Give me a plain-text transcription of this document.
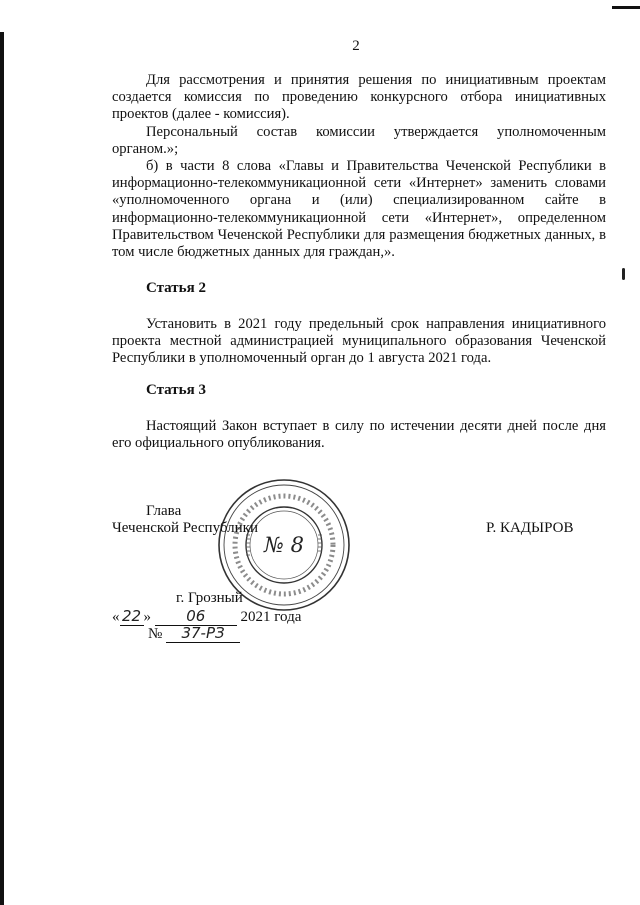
2

Для рассмотрения и принятия решения по инициативным проектам создается комиссия по проведению конкурсного отбора инициативных проектов (далее - комиссия).

Персональный состав комиссии утверждается уполномоченным органом.»;

б) в части 8 слова «Главы и Правительства Чеченской Республики в информационно-телекоммуникационной сети «Интернет» заменить словами «уполномоченного органа и (или) специализированном сайте в информационно-телекоммуникационной сети «Интернет», определенном Правительством Чеченской Республики для размещения бюджетных данных, в том числе бюджетных данных для граждан,».

Статья 2

Установить в 2021 году предельный срок направления инициативного проекта местной администрацией муниципального образования Чеченской Республики в уполномоченный орган до 1 августа 2021 года.

Статья 3

Настоящий Закон вступает в силу по истечении десяти дней после дня его официального опубликования.

№ 8
Глава
Чеченской Республики	Р. КАДЫРОВ
г. Грозный
« 22 » 06 2021 года
№ 37-РЗ
